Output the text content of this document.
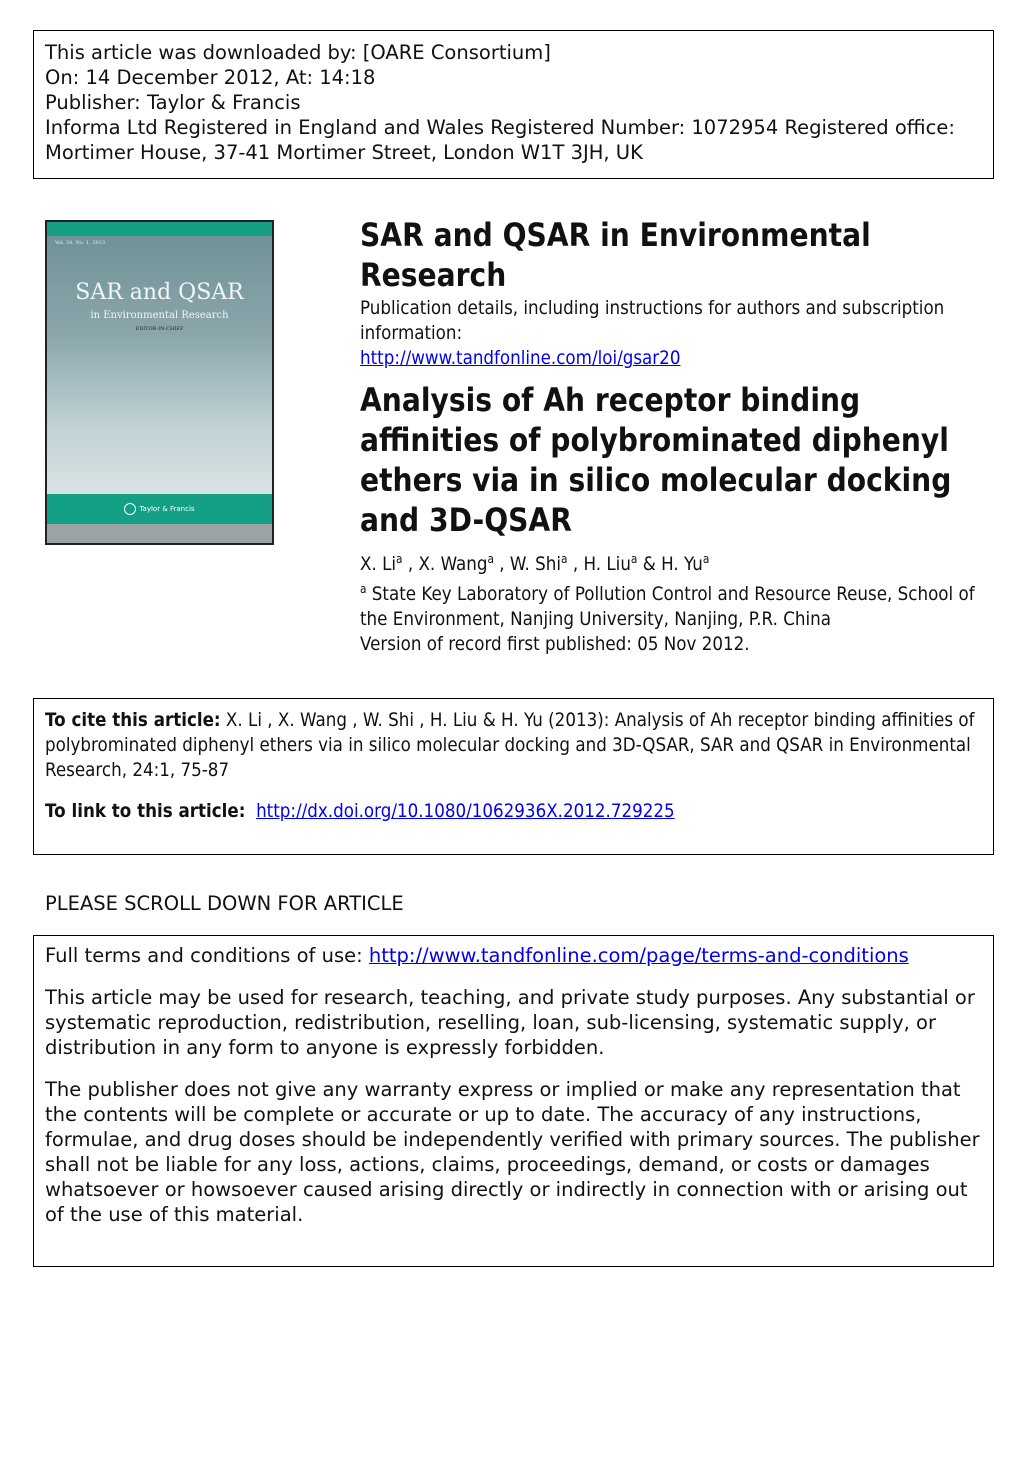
This article was downloaded by: [OARE Consortium]

On: 14 December 2012, At: 14:18

Publisher: Taylor & Francis

Informa Ltd Registered in England and Wales Registered Number: 1072954 Registered office: Mortimer House, 37-41 Mortimer Street, London W1T 3JH, UK

Vol. 24, No. 1, 2013
SAR and QSAR
in Environmental Research
EDITOR-IN-CHIEF
Taylor & Francis
SAR and QSAR in Environmental Research

Publication details, including instructions for authors and subscription information:
http://www.tandfonline.com/loi/gsar20

Analysis of Ah receptor binding affinities of polybrominated diphenyl ethers via in silico molecular docking and 3D-QSAR

X. Li$^a$ , X. Wang$^a$ , W. Shi$^a$ , H. Liu$^a$ & H. Yu$^a$

$^a$ State Key Laboratory of Pollution Control and Resource Reuse, School of the Environment, Nanjing University, Nanjing, P.R. China

Version of record first published: 05 Nov 2012.

To cite this article: X. Li , X. Wang , W. Shi , H. Liu & H. Yu (2013): Analysis of Ah receptor binding affinities of polybrominated diphenyl ethers via in silico molecular docking and 3D-QSAR, SAR and QSAR in Environmental Research, 24:1, 75-87

To link to this article: http://dx.doi.org/10.1080/1062936X.2012.729225

PLEASE SCROLL DOWN FOR ARTICLE

Full terms and conditions of use: http://www.tandfonline.com/page/terms-and-conditions

This article may be used for research, teaching, and private study purposes. Any substantial or systematic reproduction, redistribution, reselling, loan, sub-licensing, systematic supply, or distribution in any form to anyone is expressly forbidden.

The publisher does not give any warranty express or implied or make any representation that the contents will be complete or accurate or up to date. The accuracy of any instructions, formulae, and drug doses should be independently verified with primary sources. The publisher shall not be liable for any loss, actions, claims, proceedings, demand, or costs or damages whatsoever or howsoever caused arising directly or indirectly in connection with or arising out of the use of this material.
